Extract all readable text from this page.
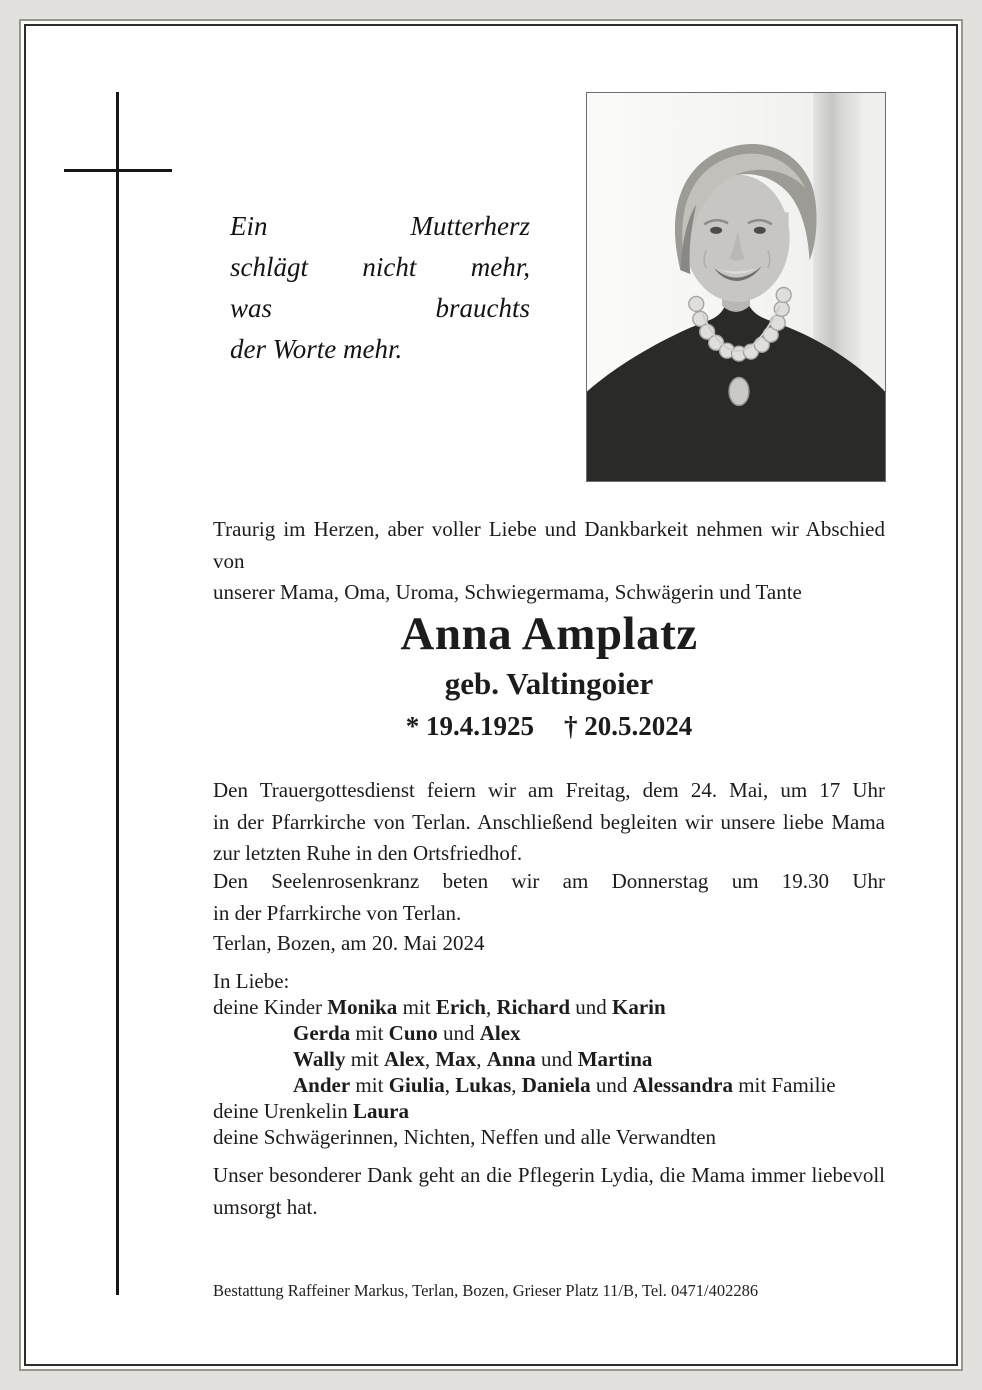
Ein Mutterherz
schlägt nicht mehr,
was brauchts
der Worte mehr.
Traurig im Herzen, aber voller Liebe und Dankbarkeit nehmen wir Abschied von
unserer Mama, Oma, Uroma, Schwiegermama, Schwägerin und Tante
Anna Amplatz
geb. Valtingoier
* 19.4.1925 † 20.5.2024
Den Trauergottesdienst feiern wir am Freitag, dem 24. Mai, um 17 Uhr
in der Pfarrkirche von Terlan. Anschließend begleiten wir unsere liebe Mama
zur letzten Ruhe in den Ortsfriedhof.
Den Seelenrosenkranz beten wir am Donnerstag um 19.30 Uhr
in der Pfarrkirche von Terlan.
Terlan, Bozen, am 20. Mai 2024
In Liebe:
deine Kinder Monika mit Erich, Richard und Karin
Gerda mit Cuno und Alex
Wally mit Alex, Max, Anna und Martina
Ander mit Giulia, Lukas, Daniela und Alessandra mit Familie
deine Urenkelin Laura
deine Schwägerinnen, Nichten, Neffen und alle Verwandten
Unser besonderer Dank geht an die Pflegerin Lydia, die Mama immer liebevoll
umsorgt hat.
Bestattung Raffeiner Markus, Terlan, Bozen, Grieser Platz 11/B, Tel. 0471/402286
